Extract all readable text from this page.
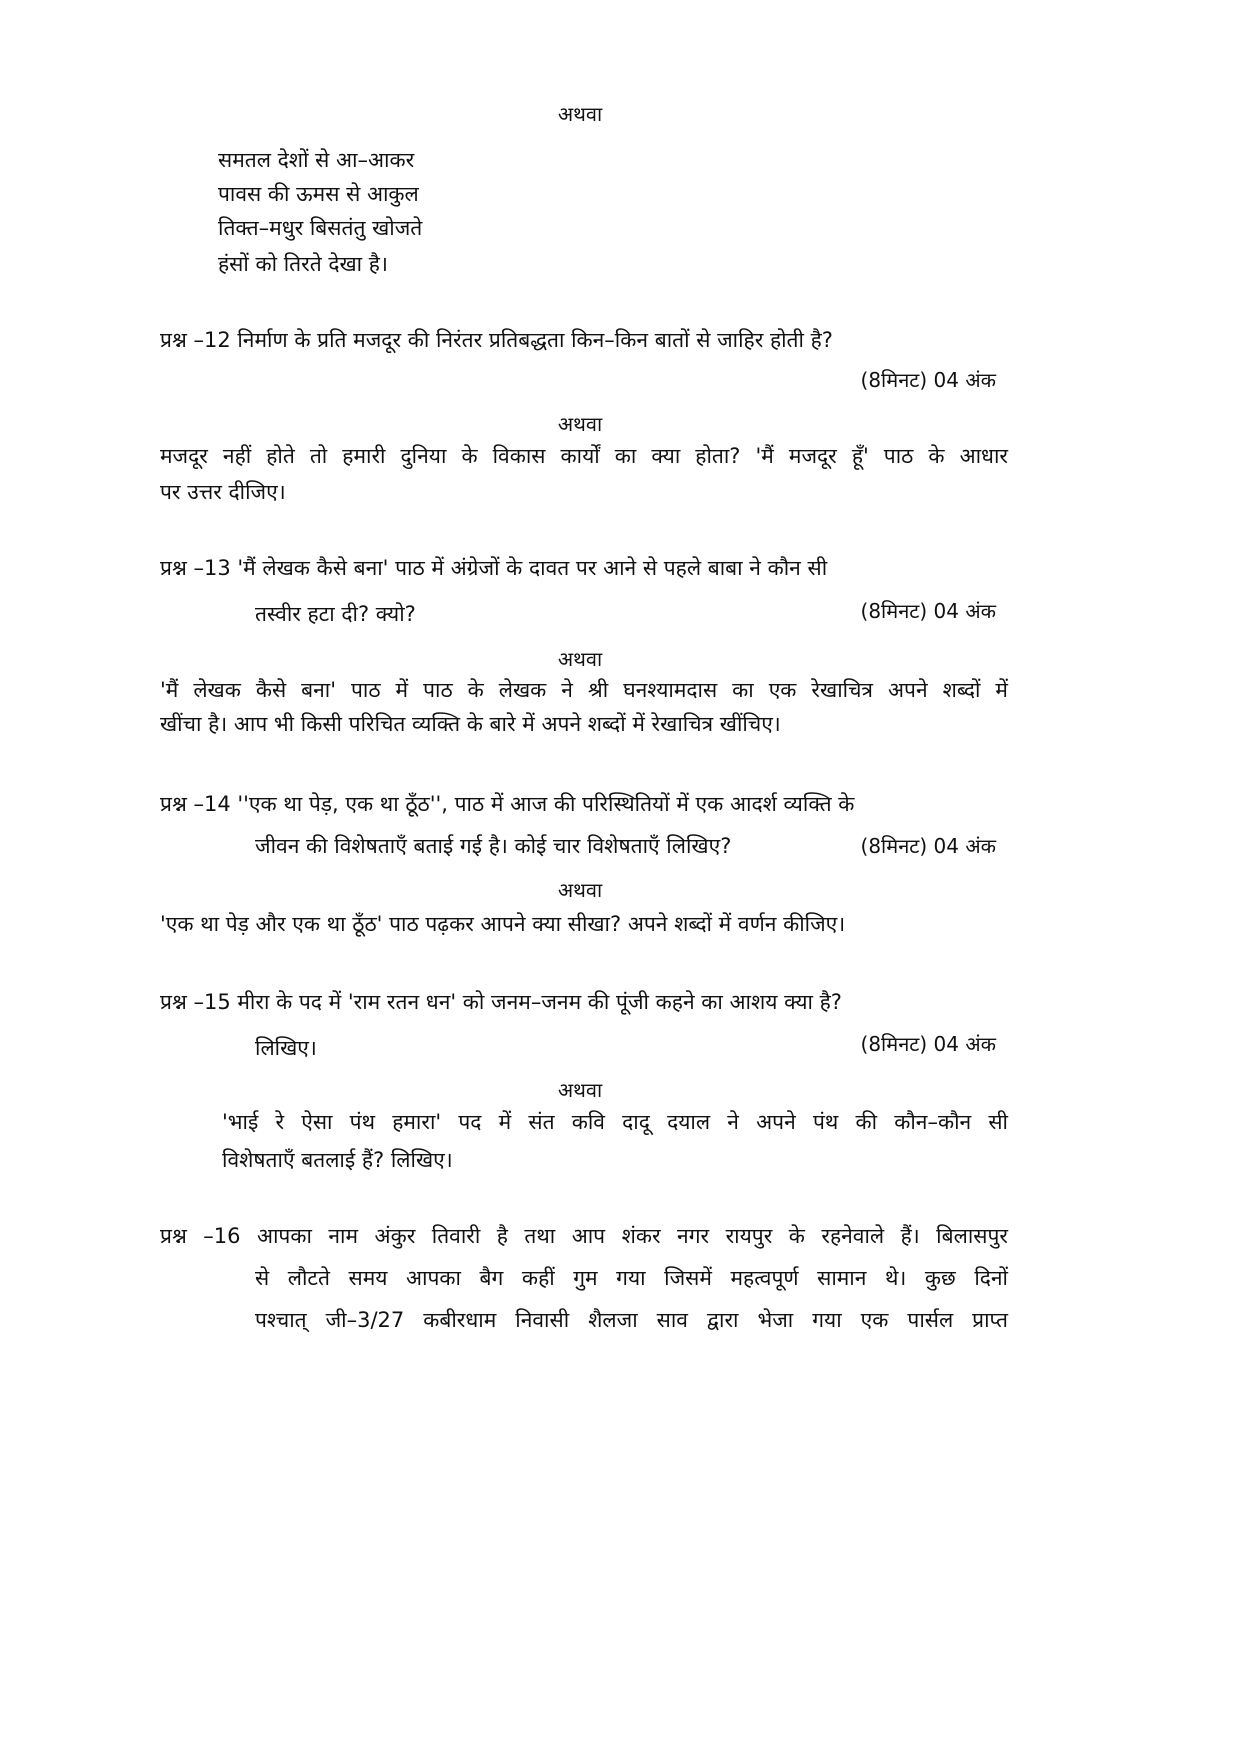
अथवा
समतल देशों से आ–आकर
पावस की ऊमस से आकुल
तिक्त–मधुर बिसतंतु खोजते
हंसों को तिरते देखा है।
प्रश्न –12 निर्माण के प्रति मजदूर की निरंतर प्रतिबद्धता किन–किन बातों से जाहिर होती है?
(8मिनट) 04 अंक
अथवा
मजदूर नहीं होते तो हमारी दुनिया के विकास कार्यों का क्या होता? 'मैं मजदूर हूँ' पाठ के आधार
पर उत्तर दीजिए।
प्रश्न –13 'मैं लेखक कैसे बना' पाठ में अंग्रेजों के दावत पर आने से पहले बाबा ने कौन सी
तस्वीर हटा दी? क्यो?	(8मिनट) 04 अंक
अथवा
'मैं लेखक कैसे बना' पाठ में पाठ के लेखक ने श्री घनश्यामदास का एक रेखाचित्र अपने शब्दों में
खींचा है। आप भी किसी परिचित व्यक्ति के बारे में अपने शब्दों में रेखाचित्र खींचिए।
प्रश्न –14 ''एक था पेड़, एक था ठूँठ'', पाठ में आज की परिस्थितियों में एक आदर्श व्यक्ति के
जीवन की विशेषताएँ बताई गई है। कोई चार विशेषताएँ लिखिए?	(8मिनट) 04 अंक
अथवा
'एक था पेड़ और एक था ठूँठ' पाठ पढ़कर आपने क्या सीखा? अपने शब्दों में वर्णन कीजिए।
प्रश्न –15 मीरा के पद में 'राम रतन धन' को जनम–जनम की पूंजी कहने का आशय क्या है?
लिखिए।	(8मिनट) 04 अंक
अथवा
'भाई रे ऐसा पंथ हमारा' पद में संत कवि दादू दयाल ने अपने पंथ की कौन–कौन सी
विशेषताएँ बतलाई हैं? लिखिए।
प्रश्न –16 आपका नाम अंकुर तिवारी है तथा आप शंकर नगर रायपुर के रहनेवाले हैं। बिलासपुर
से लौटते समय आपका बैग कहीं गुम गया जिसमें महत्वपूर्ण सामान थे। कुछ दिनों
पश्चात् जी–3/27 कबीरधाम निवासी शैलजा साव द्वारा भेजा गया एक पार्सल प्राप्त
